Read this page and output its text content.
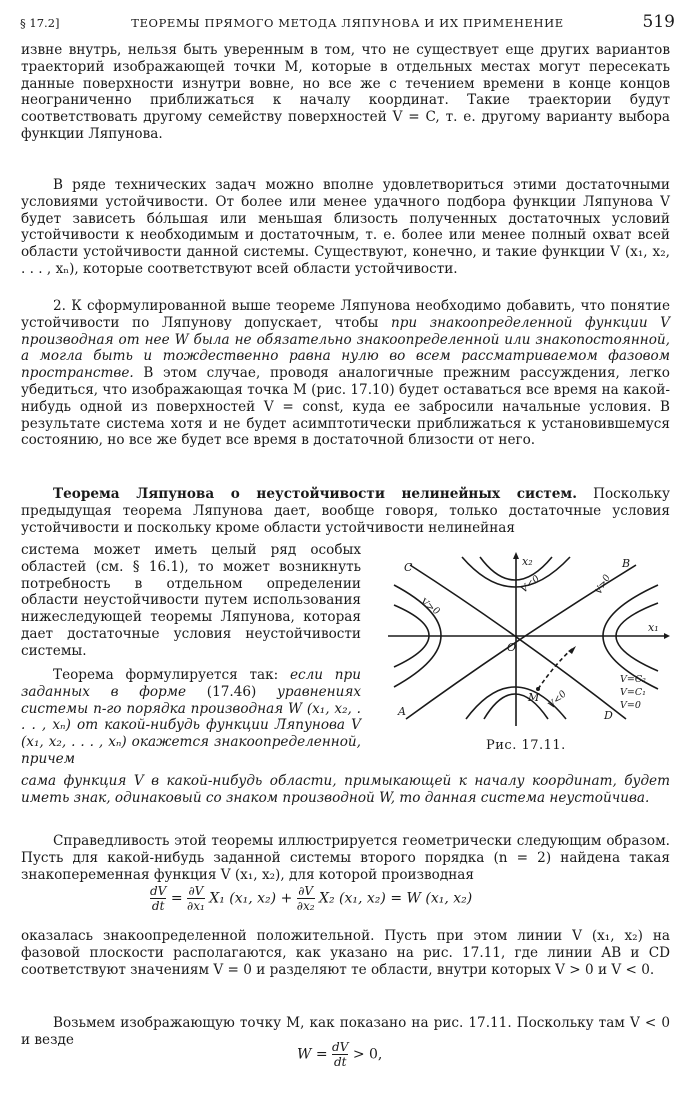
§ 17.2]	ТЕОРЕМЫ ПРЯМОГО МЕТОДА ЛЯПУНОВА И ИХ ПРИМЕНЕНИЕ	519

извне внутрь, нельзя быть уверенным в том, что не существует еще других вариантов траекторий изображающей точки M, которые в отдельных местах могут пересекать данные поверхности изнутри вовне, но все же с течением времени в конце концов неограниченно приближаться к началу координат. Такие траектории будут соответствовать другому семейству поверхностей V = C, т. е. другому варианту выбора функции Ляпунова.

В ряде технических задач можно вполне удовлетвориться этими достаточными условиями устойчивости. От более или менее удачного подбора функции Ляпунова V будет зависеть бо́льшая или меньшая близость полученных достаточных условий устойчивости к необходимым и достаточным, т. е. более или менее полный охват всей области устойчивости данной системы. Существуют, конечно, и такие функции V (x₁, x₂, . . . , xₙ), которые соответствуют всей области устойчивости.

2. К сформулированной выше теореме Ляпунова необходимо добавить, что понятие устойчивости по Ляпунову допускает, чтобы при знакоопределенной функции V производная от нее W была не обязательно знакоопределенной или знакопостоянной, а могла быть и тождественно равна нулю во всем рассматриваемом фазовом пространстве. В этом случае, проводя аналогичные прежним рассуждения, легко убедиться, что изображающая точка M (рис. 17.10) будет оставаться все время на какой-нибудь одной из поверхностей V = const, куда ее забросили начальные условия. В результате система хотя и не будет асимптотически приближаться к установившемуся состоянию, но все же будет все время в достаточной близости от него.

Теорема Ляпунова о неустойчивости нелинейных систем. Поскольку предыдущая теорема Ляпунова дает, вообще говоря, только достаточные условия устойчивости и поскольку кроме области устойчивости нелинейная

система может иметь целый ряд особых областей (см. § 16.1), то может возникнуть потребность в отдельном определении области неустойчивости путем использования нижеследующей теоремы Ляпунова, которая дает достаточные условия неустойчивости системы.

Теорема формулируется так: если при заданных в форме (17.46) уравнениях системы n-го порядка производная W (x₁, x₂, . . . , xₙ) от какой-нибудь функции Ляпунова V (x₁, x₂, . . . , xₙ) окажется знакоопределенной, причем

сама функция V в какой-нибудь области, примыкающей к началу координат, будет иметь знак, одинаковый со знаком производной W, то данная система неустойчива.

C	B
A	D
O
x₂
x₁
M
V<0
V<0
V>0
V>0
V=C₂
V=C₁
V=0
Рис. 17.11.

Справедливость этой теоремы иллюстрируется геометрически следующим образом. Пусть для какой-нибудь заданной системы второго порядка (n = 2) найдена такая знакопеременная функция V (x₁, x₂), для которой производная

$\frac{dV}{dt} = \frac{\partial V}{\text{∂x₁}} X_1$ (x₁, $x_2) + \frac{\partial V}{\text{∂x₂}} X_2$ (x₁, x₂) = W (x₁, x₂)

оказалась знакоопределенной положительной. Пусть при этом линии V (x₁, x₂) на фазовой плоскости располагаются, как указано на рис. 17.11, где линии AB и CD соответствуют значениям V = 0 и разделяют те области, внутри которых V > 0 и V < 0.

Возьмем изображающую точку M, как показано на рис. 17.11. Поскольку там V < 0 и везде

$W = \frac{dV}{dt} > 0$,
